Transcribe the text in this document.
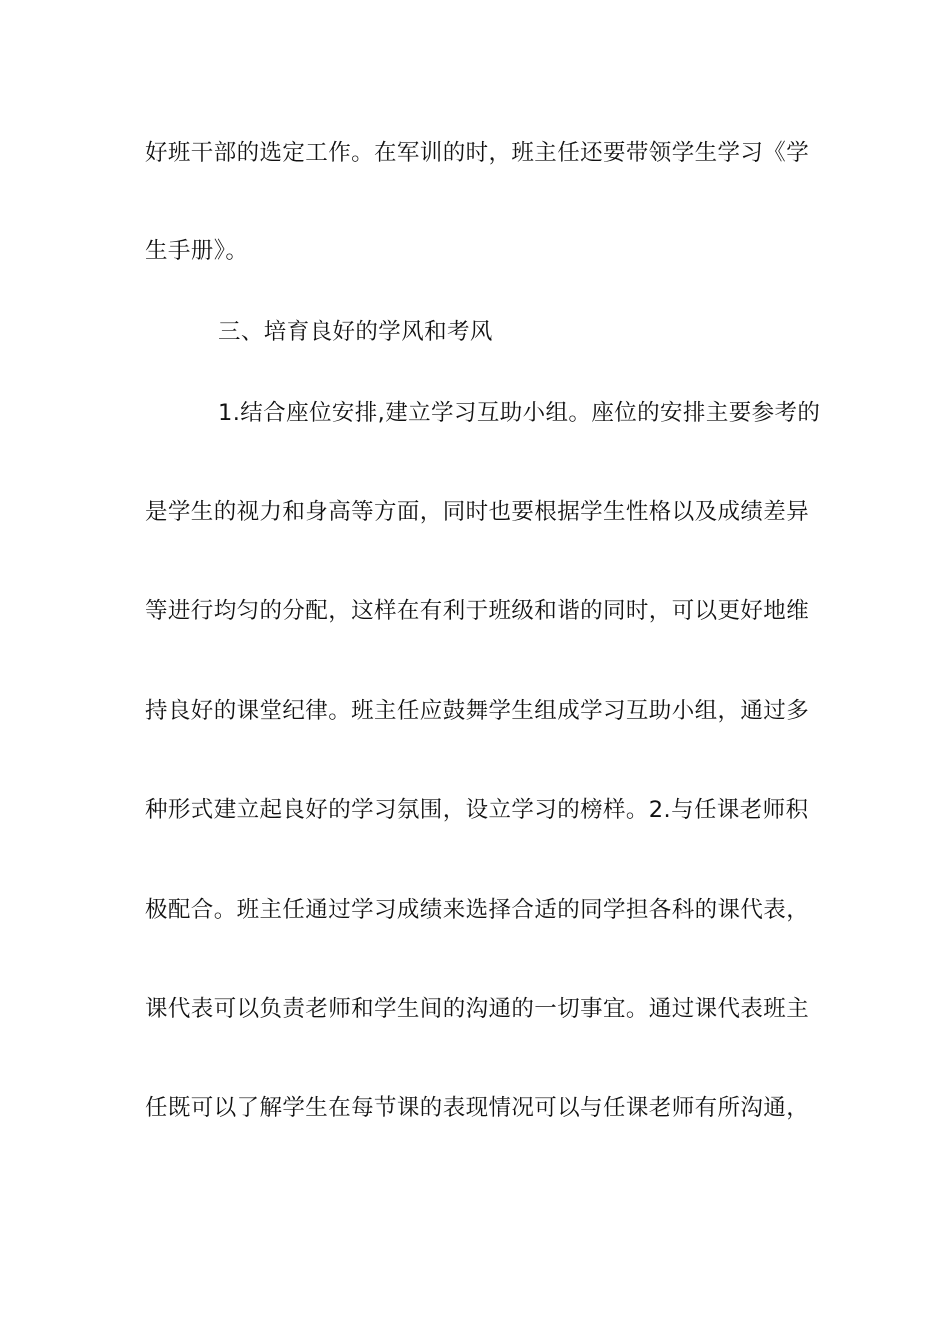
好班干部的选定工作。在军训的时，班主任还要带领学生学习《学
生手册》。
三、培育良好的学风和考风
1.结合座位安排,建立学习互助小组。座位的安排主要参考的
是学生的视力和身高等方面，同时也要根据学生性格以及成绩差异
等进行均匀的分配，这样在有利于班级和谐的同时，可以更好地维
持良好的课堂纪律。班主任应鼓舞学生组成学习互助小组，通过多
种形式建立起良好的学习氛围，设立学习的榜样。2.与任课老师积
极配合。班主任通过学习成绩来选择合适的同学担各科的课代表，
课代表可以负责老师和学生间的沟通的一切事宜。通过课代表班主
任既可以了解学生在每节课的表现情况可以与任课老师有所沟通，
